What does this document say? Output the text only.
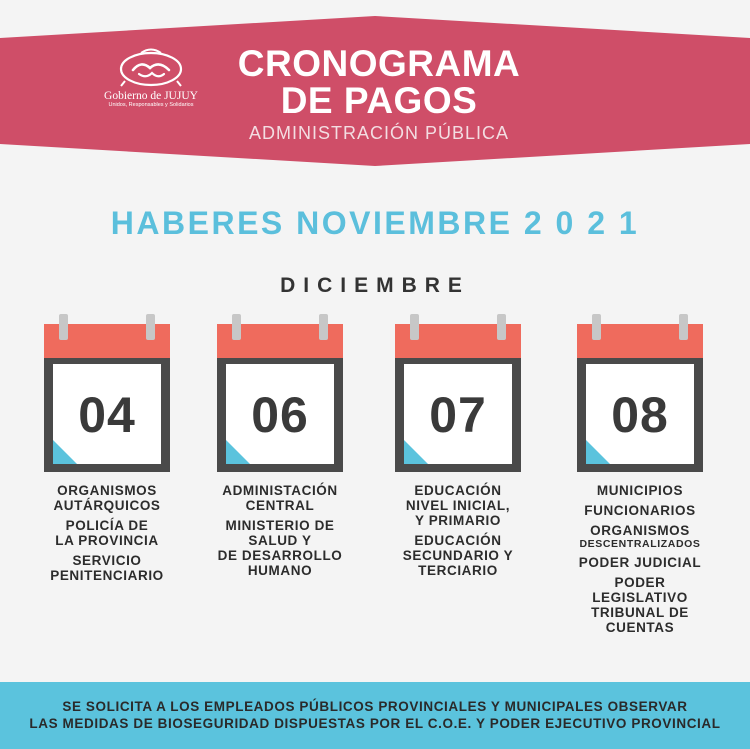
Gobierno de JUJUY
Unidos, Responsables y Solidarios
CRONOGRAMA
DE PAGOS
ADMINISTRACIÓN PÚBLICA
HABERES NOVIEMBRE 2 0 2 1
DICIEMBRE
04
ORGANISMOS
AUTÁRQUICOS
POLICÍA DE
LA PROVINCIA
SERVICIO
PENITENCIARIO
06
ADMINISTACIÓN
CENTRAL
MINISTERIO DE
SALUD Y
DE DESARROLLO
HUMANO
07
EDUCACIÓN
NIVEL INICIAL,
Y PRIMARIO
EDUCACIÓN
SECUNDARIO Y
TERCIARIO
08
MUNICIPIOS
FUNCIONARIOS
ORGANISMOS
DESCENTRALIZADOS
PODER JUDICIAL
PODER
LEGISLATIVO
TRIBUNAL DE
CUENTAS
SE SOLICITA A LOS EMPLEADOS PÚBLICOS PROVINCIALES Y MUNICIPALES OBSERVAR
LAS MEDIDAS DE BIOSEGURIDAD DISPUESTAS POR EL C.O.E. Y PODER EJECUTIVO PROVINCIAL
